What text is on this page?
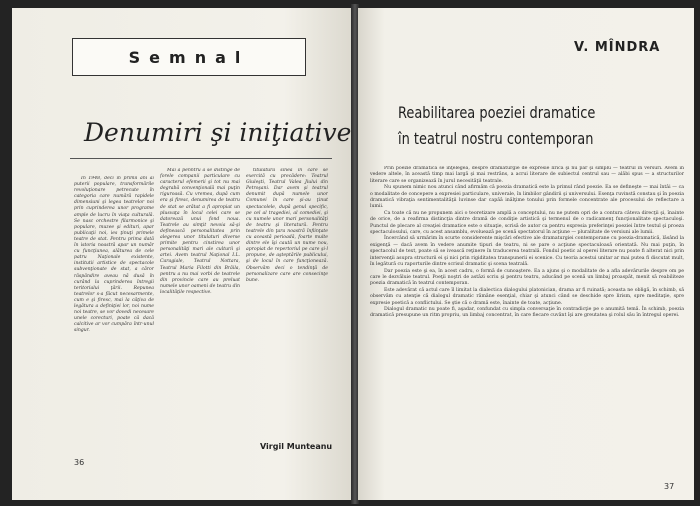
Semnal
Denumiri şi iniţiative

În 1948, deci în primii ani ai puterii populare, transformările revoluţionare petrecute în categoria care numără rapidele dimensiuni şi legea teatrelor noi prin cuprinderea unor programe ample de lucru în viaţa culturală. Se nasc orchestre filarmonice şi populare, muzee şi edituri, apar publicaţii noi, ies ţinuţi primele teatre de stat. Pentru prima dată în istoria noastră apar un număr cu funcţiunea, alăturea de cele patru Naţionale existente, institutii artistice de spectacole subvenţionate de stat, a căror răspândire aveau nă dusă în curând la cuprinderea întregii teritorialui ţării. Repunea teatrelor s-a făcut necesarmente, cum e şi firesc, mai la câţiva de legătura a definiţiei lor, noi nume noi teatre, se vor dovedi necesare unele corecturi, poate că dacă calcitive ar vor cumpăra într-unul singur.

Mai a penntru a se distinge de forele companii particulare cu caracterul efemerii şi tot nu mai degrabă convenţională mai puţin riguroasă. Cu vremea, după cum era şi firesc, denumirea de teatru de stat se arătat a fi apropiat un plusvaţa în locul celei care se datorează unui fond noua. Teatrele au simţit nevoia să-şi definească personalitatea prin alegerea unor titulaturi diverse primite pentru cinstirea unor personalităţi mari ale culturii şi artei. Avem teatrul Naţional I.L. Caragiale, Teatrul Nottara, Teatrul Maria Filotti din Brăila, pentru a nu mai vorbi de teatrele din provincie care au preluat numele unor oameni de teatru din localităţile respective.

titulatură sinea în care se exercită cu precădere: Teatrul Giuleşti, Teatrul Valea Jiului din Petroşani. Dar avem şi teatrul denumit după numele unor Comunei în care şi-au ţinut spectacolele, după genul specific, pe cel al tragediei, al comediei, şi cu numele unor mari personalităţi de teatru şi literatură. Pentru teatrele din ţara noastră înfiinţate cu această perioadă, foarte multe dintre ele îşi caută un nume nou, apropiat de repertoriul pe care şi-l propune, de aşteptările publicului, şi de locul în care funcţionează. Observăm deci o tendinţă de personalizare care are consecinţe bune.

Virgil Munteanu
36
V. MÎNDRA
Reabilitarea poeziei dramatice
în teatrul nostru contemporan

Prin poezie dramatică se înţelegea, despre dramaturgie de expresie lirică şi nu par şi simplu — teatrul în versuri. Avem în vedere altele, în această timp mai largă şi mai restrâns, a acrui literare de subiectul centrul sau — alăbi spus — a structurilor literare care se organizează în jurul necesităţii teatrale.

Nu spunem nimic nou atunci când afirmăm că poezia dramatică este la primul rând poezie. Ea se defineşte — mai întâi — ca o modalitate de concepere a expresiei particulare, univerale, în limbilor gândirii şi universului. Esenţa ruvinstă constau şi în poezia dramatică vibraţia sentimentalităţii luvinse dar capăă inălţime tonului prin formele concentrate ale procesului de reflectare a lumii.

Ca toate că nu ne propunem aici o teoretizare amplă a conceptului, nu ne putem opri de a contura câteva direcţii şi, înainte de orice, de a reafirma distincţia dintre dramă de condiţie artistică şi termenul de o radicamenţ funcţionalitate spectaculoşi. Punctul de plecare al creaţiei dramatice este o situaţie, scrisă de autor ca pentru expresia preferinţei poeziei între textul şi proeza spectaculosului, care, cu acest ansamblu, evoluează pe scenă spectatorul în acţiune — pluralitate de versiuni ale lumii.

Încercând să urmărim în scurte considerente mişcări efective ale dramaturgiei contemporane cu poezia-dramatică, lăsând la exigenţă — dacă avem în vedere anumite tipuri de teatru, ni se pare o acţiune spectaculoasă orientată. Nu mai puţin, în spectacolul de text, poate să se ivească reţinere în traducerea teatrală. Fondul poetic al operei literare nu poate fi alterat nici prin intervenţii asupra structurii ei şi nici prin rigiditatea transpunerii ei scenice. Cu teoria acestui unitar ar mai putea fi discutat mult, în legătură cu raporturile dintre scrisul dramatic şi scena teatrală.

Dar poezia este şi ea, în acest cadru, o formă de cunoaştere. Ea a ajuns şi o modalitate de a afla adevărurile despre om pe care le dezvăluie teatrul. Poeţii noştri de astăzi scriu şi pentru teatru, aducând pe scenă un limbaj proaspăt, menit să reabiliteze poezia dramatică în teatrul contemporan.

Este adevărat că actul care îl limitat la dialectica dialogului platonician, drama ar fi ruinată; aceasta ne obligă, în schimb, să observăm cu atenţie că dialogul dramatic rămâne esenţial, chiar şi atunci când se deschide spre lirism, spre meditaţie, spre expresie poetică a conflictului. Se ştie că o dramă este, înainte de toate, acţiune.

Dialogul dramatic nu poate fi, aşadar, confundat cu simpla conversaţie în contradicţie pe o anumită temă. În schimb, poezia dramatică presupune un ritm propriu, un limbaj concentrat, în care fiecare cuvânt îşi are greutatea şi rolul său în întregul operei.

37
